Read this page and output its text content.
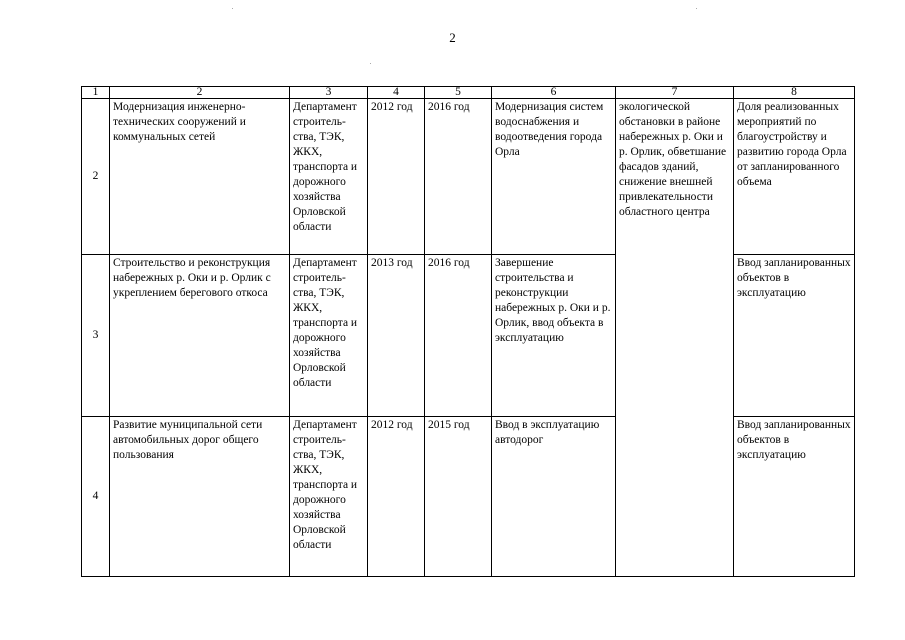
2
1	2	3	4	5	6	7	8
2	Модернизация инженерно-технических сооружений и коммунальных сетей	Департамент строитель-ства, ТЭК, ЖКХ, транспорта и дорожного хозяйства Орловской области	2012 год	2016 год	Модернизация систем водоснабжения и водоотведения города Орла	экологической обстановки в районе набережных р. Оки и р. Орлик, обветшание фасадов зданий, снижение внешней привлекательности областного центра	Доля реализованных мероприятий по благоустройству и развитию города Орла от запланированного объема
3	Строительство и реконструкция набережных р. Оки и р. Орлик с укреплением берегового откоса	Департамент строитель-ства, ТЭК, ЖКХ, транспорта и дорожного хозяйства Орловской области	2013 год	2016 год	Завершение строительства и реконструкции набережных р. Оки и р. Орлик, ввод объекта в эксплуатацию		Ввод запланированных объектов в эксплуатацию
4	Развитие муниципальной сети автомобильных дорог общего пользования	Департамент строитель-ства, ТЭК, ЖКХ, транспорта и дорожного хозяйства Орловской области	2012 год	2015 год	Ввод в эксплуатацию автодорог		Ввод запланированных объектов в эксплуатацию
